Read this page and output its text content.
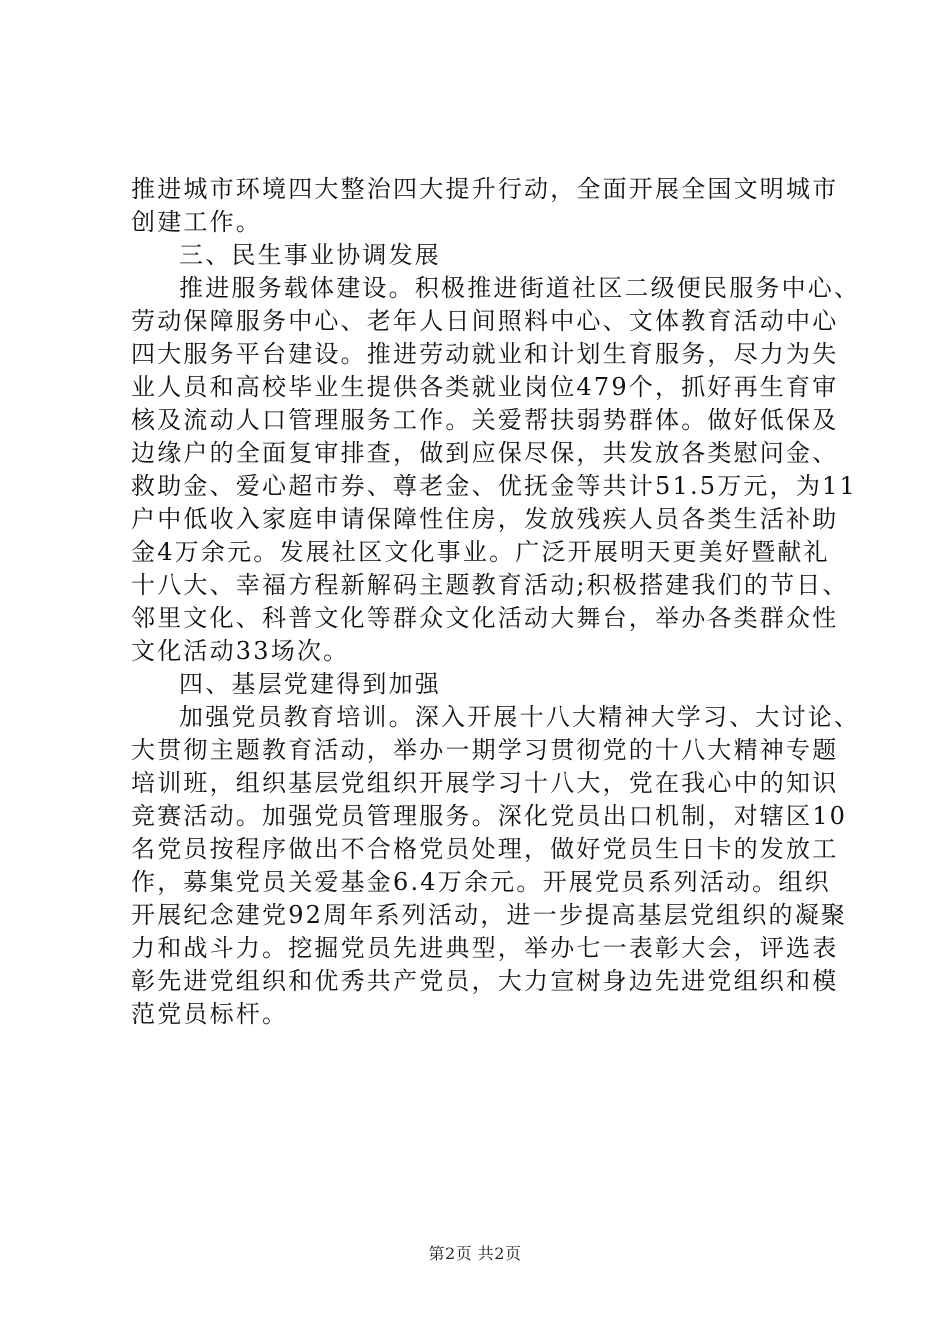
推进城市环境四大整治四大提升行动，全面开展全国文明城市
创建工作。
三、民生事业协调发展
推进服务载体建设。积极推进街道社区二级便民服务中心、
劳动保障服务中心、老年人日间照料中心、文体教育活动中心
四大服务平台建设。推进劳动就业和计划生育服务，尽力为失
业人员和高校毕业生提供各类就业岗位479个，抓好再生育审
核及流动人口管理服务工作。关爱帮扶弱势群体。做好低保及
边缘户的全面复审排查，做到应保尽保，共发放各类慰问金、
救助金、爱心超市券、尊老金、优抚金等共计51.5万元，为11
户中低收入家庭申请保障性住房，发放残疾人员各类生活补助
金4万余元。发展社区文化事业。广泛开展明天更美好暨献礼
十八大、幸福方程新解码主题教育活动;积极搭建我们的节日、
邻里文化、科普文化等群众文化活动大舞台，举办各类群众性
文化活动33场次。
四、基层党建得到加强
加强党员教育培训。深入开展十八大精神大学习、大讨论、
大贯彻主题教育活动，举办一期学习贯彻党的十八大精神专题
培训班，组织基层党组织开展学习十八大，党在我心中的知识
竞赛活动。加强党员管理服务。深化党员出口机制，对辖区10
名党员按程序做出不合格党员处理，做好党员生日卡的发放工
作，募集党员关爱基金6.4万余元。开展党员系列活动。组织
开展纪念建党92周年系列活动，进一步提高基层党组织的凝聚
力和战斗力。挖掘党员先进典型，举办七一表彰大会，评选表
彰先进党组织和优秀共产党员，大力宣树身边先进党组织和模
范党员标杆。
第2页 共2页
